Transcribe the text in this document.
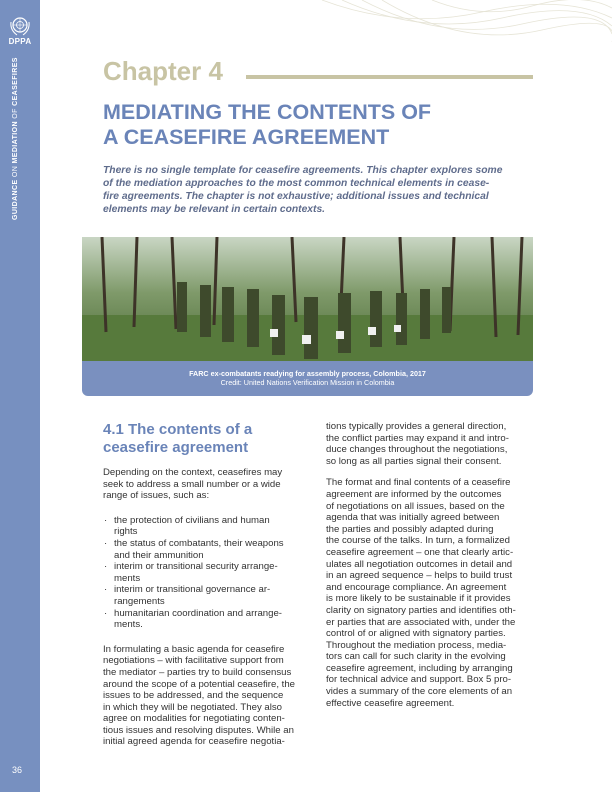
DPPA
GUIDANCE ON MEDIATION OF CEASEFIRES
36
Chapter 4
MEDIATING THE CONTENTS OF
A CEASEFIRE AGREEMENT

There is no single template for ceasefire agreements. This chapter explores some
of the mediation approaches to the most common technical elements in cease-
fire agreements. The chapter is not exhaustive; additional issues and technical
elements may be relevant in certain contexts.

FARC ex-combatants readying for assembly process, Colombia, 2017
Credit: United Nations Verification Mission in Colombia
4.1 The contents of a
ceasefire agreement

Depending on the context, ceasefires may
seek to address a small number or a wide
range of issues, such as:

· the protection of civilians and human
rights
· the status of combatants, their weapons
and their ammunition
· interim or transitional security arrange-
ments
· interim or transitional governance ar-
rangements
· humanitarian coordination and arrange-
ments.

In formulating a basic agenda for ceasefire
negotiations – with facilitative support from
the mediator – parties try to build consensus
around the scope of a potential ceasefire, the
issues to be addressed, and the sequence
in which they will be negotiated. They also
agree on modalities for negotiating conten-
tious issues and resolving disputes. While an
initial agreed agenda for ceasefire negotia-

tions typically provides a general direction,
the conflict parties may expand it and intro-
duce changes throughout the negotiations,
so long as all parties signal their consent.

The format and final contents of a ceasefire
agreement are informed by the outcomes
of negotiations on all issues, based on the
agenda that was initially agreed between
the parties and possibly adapted during
the course of the talks. In turn, a formalized
ceasefire agreement – one that clearly artic-
ulates all negotiation outcomes in detail and
in an agreed sequence – helps to build trust
and encourage compliance. An agreement
is more likely to be sustainable if it provides
clarity on signatory parties and identifies oth-
er parties that are associated with, under the
control of or aligned with signatory parties.
Throughout the mediation process, media-
tors can call for such clarity in the evolving
ceasefire agreement, including by arranging
for technical advice and support. Box 5 pro-
vides a summary of the core elements of an
effective ceasefire agreement.
